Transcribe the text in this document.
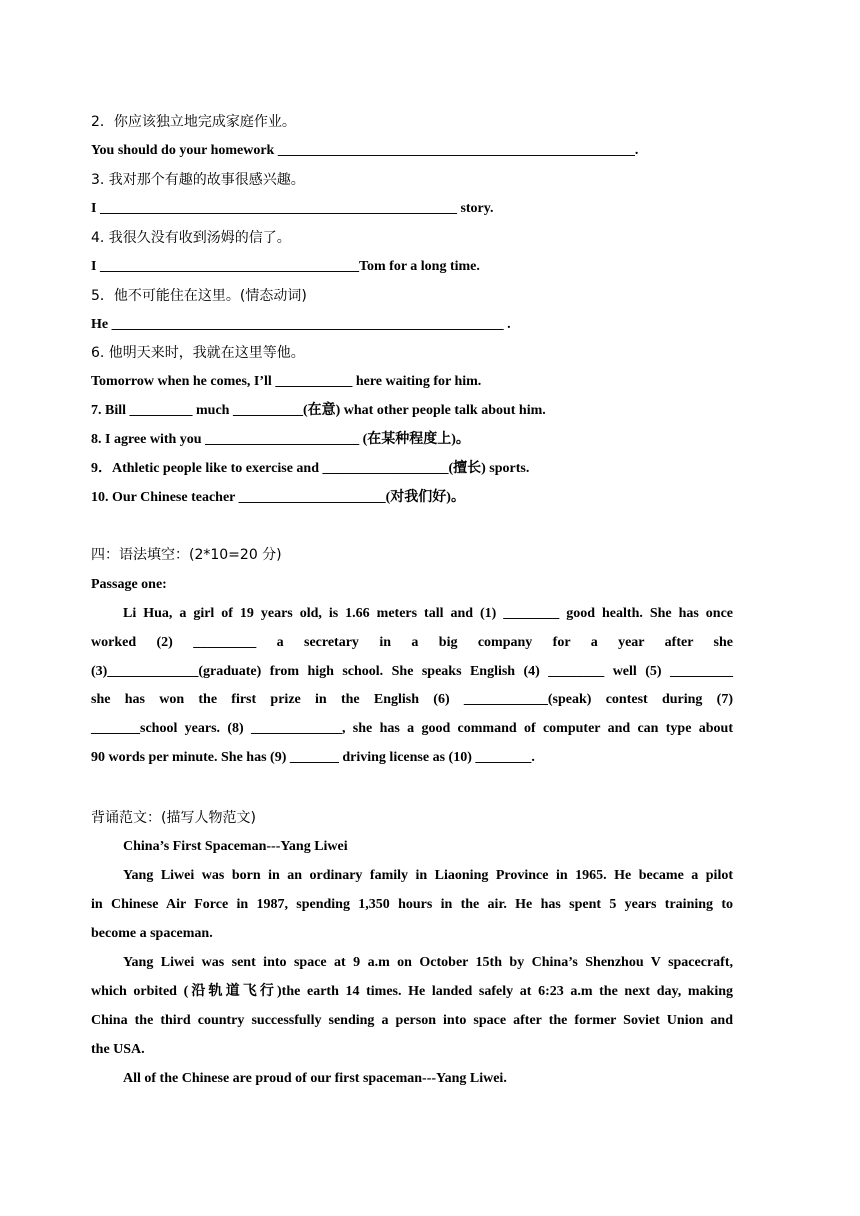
2．你应该独立地完成家庭作业。
You should do your homework ___________________________________________________.
3. 我对那个有趣的故事很感兴趣。
I ___________________________________________________ story.
4. 我很久没有收到汤姆的信了。
I _____________________________________Tom for a long time.
5．他不可能住在这里。(情态动词)
He ________________________________________________________ .
6. 他明天来时，我就在这里等他。
Tomorrow when he comes, I’ll ___________ here waiting for him.
7. Bill _________ much __________(在意) what other people talk about him.
8. I agree with you ______________________ (在某种程度上)。
9．Athletic people like to exercise and __________________(擅长) sports.
10. Our Chinese teacher _____________________(对我们好)。
四：语法填空：(2*10=20 分)
Passage one:
Li Hua, a girl of 19 years old, is 1.66 meters tall and (1) ________ good health. She has once
worked (2) _________ a secretary in a big company for a year after she
(3)_____________(graduate) from high school. She speaks English (4) ________ well (5) _________
she has won the first prize in the English (6) ____________(speak) contest during (7)
_______school years. (8) _____________, she has a good command of computer and can type about
90 words per minute. She has (9) _______ driving license as (10) ________.
背诵范文：(描写人物范文)
China’s First Spaceman---Yang Liwei
Yang Liwei was born in an ordinary family in Liaoning Province in 1965. He became a pilot
in Chinese Air Force in 1987, spending 1,350 hours in the air. He has spent 5 years training to
become a spaceman.
Yang Liwei was sent into space at 9 a.m on October 15th by China’s Shenzhou V spacecraft,
which orbited (沿轨道飞行)the earth 14 times. He landed safely at 6:23 a.m the next day, making
China the third country successfully sending a person into space after the former Soviet Union and
the USA.
All of the Chinese are proud of our first spaceman---Yang Liwei.
